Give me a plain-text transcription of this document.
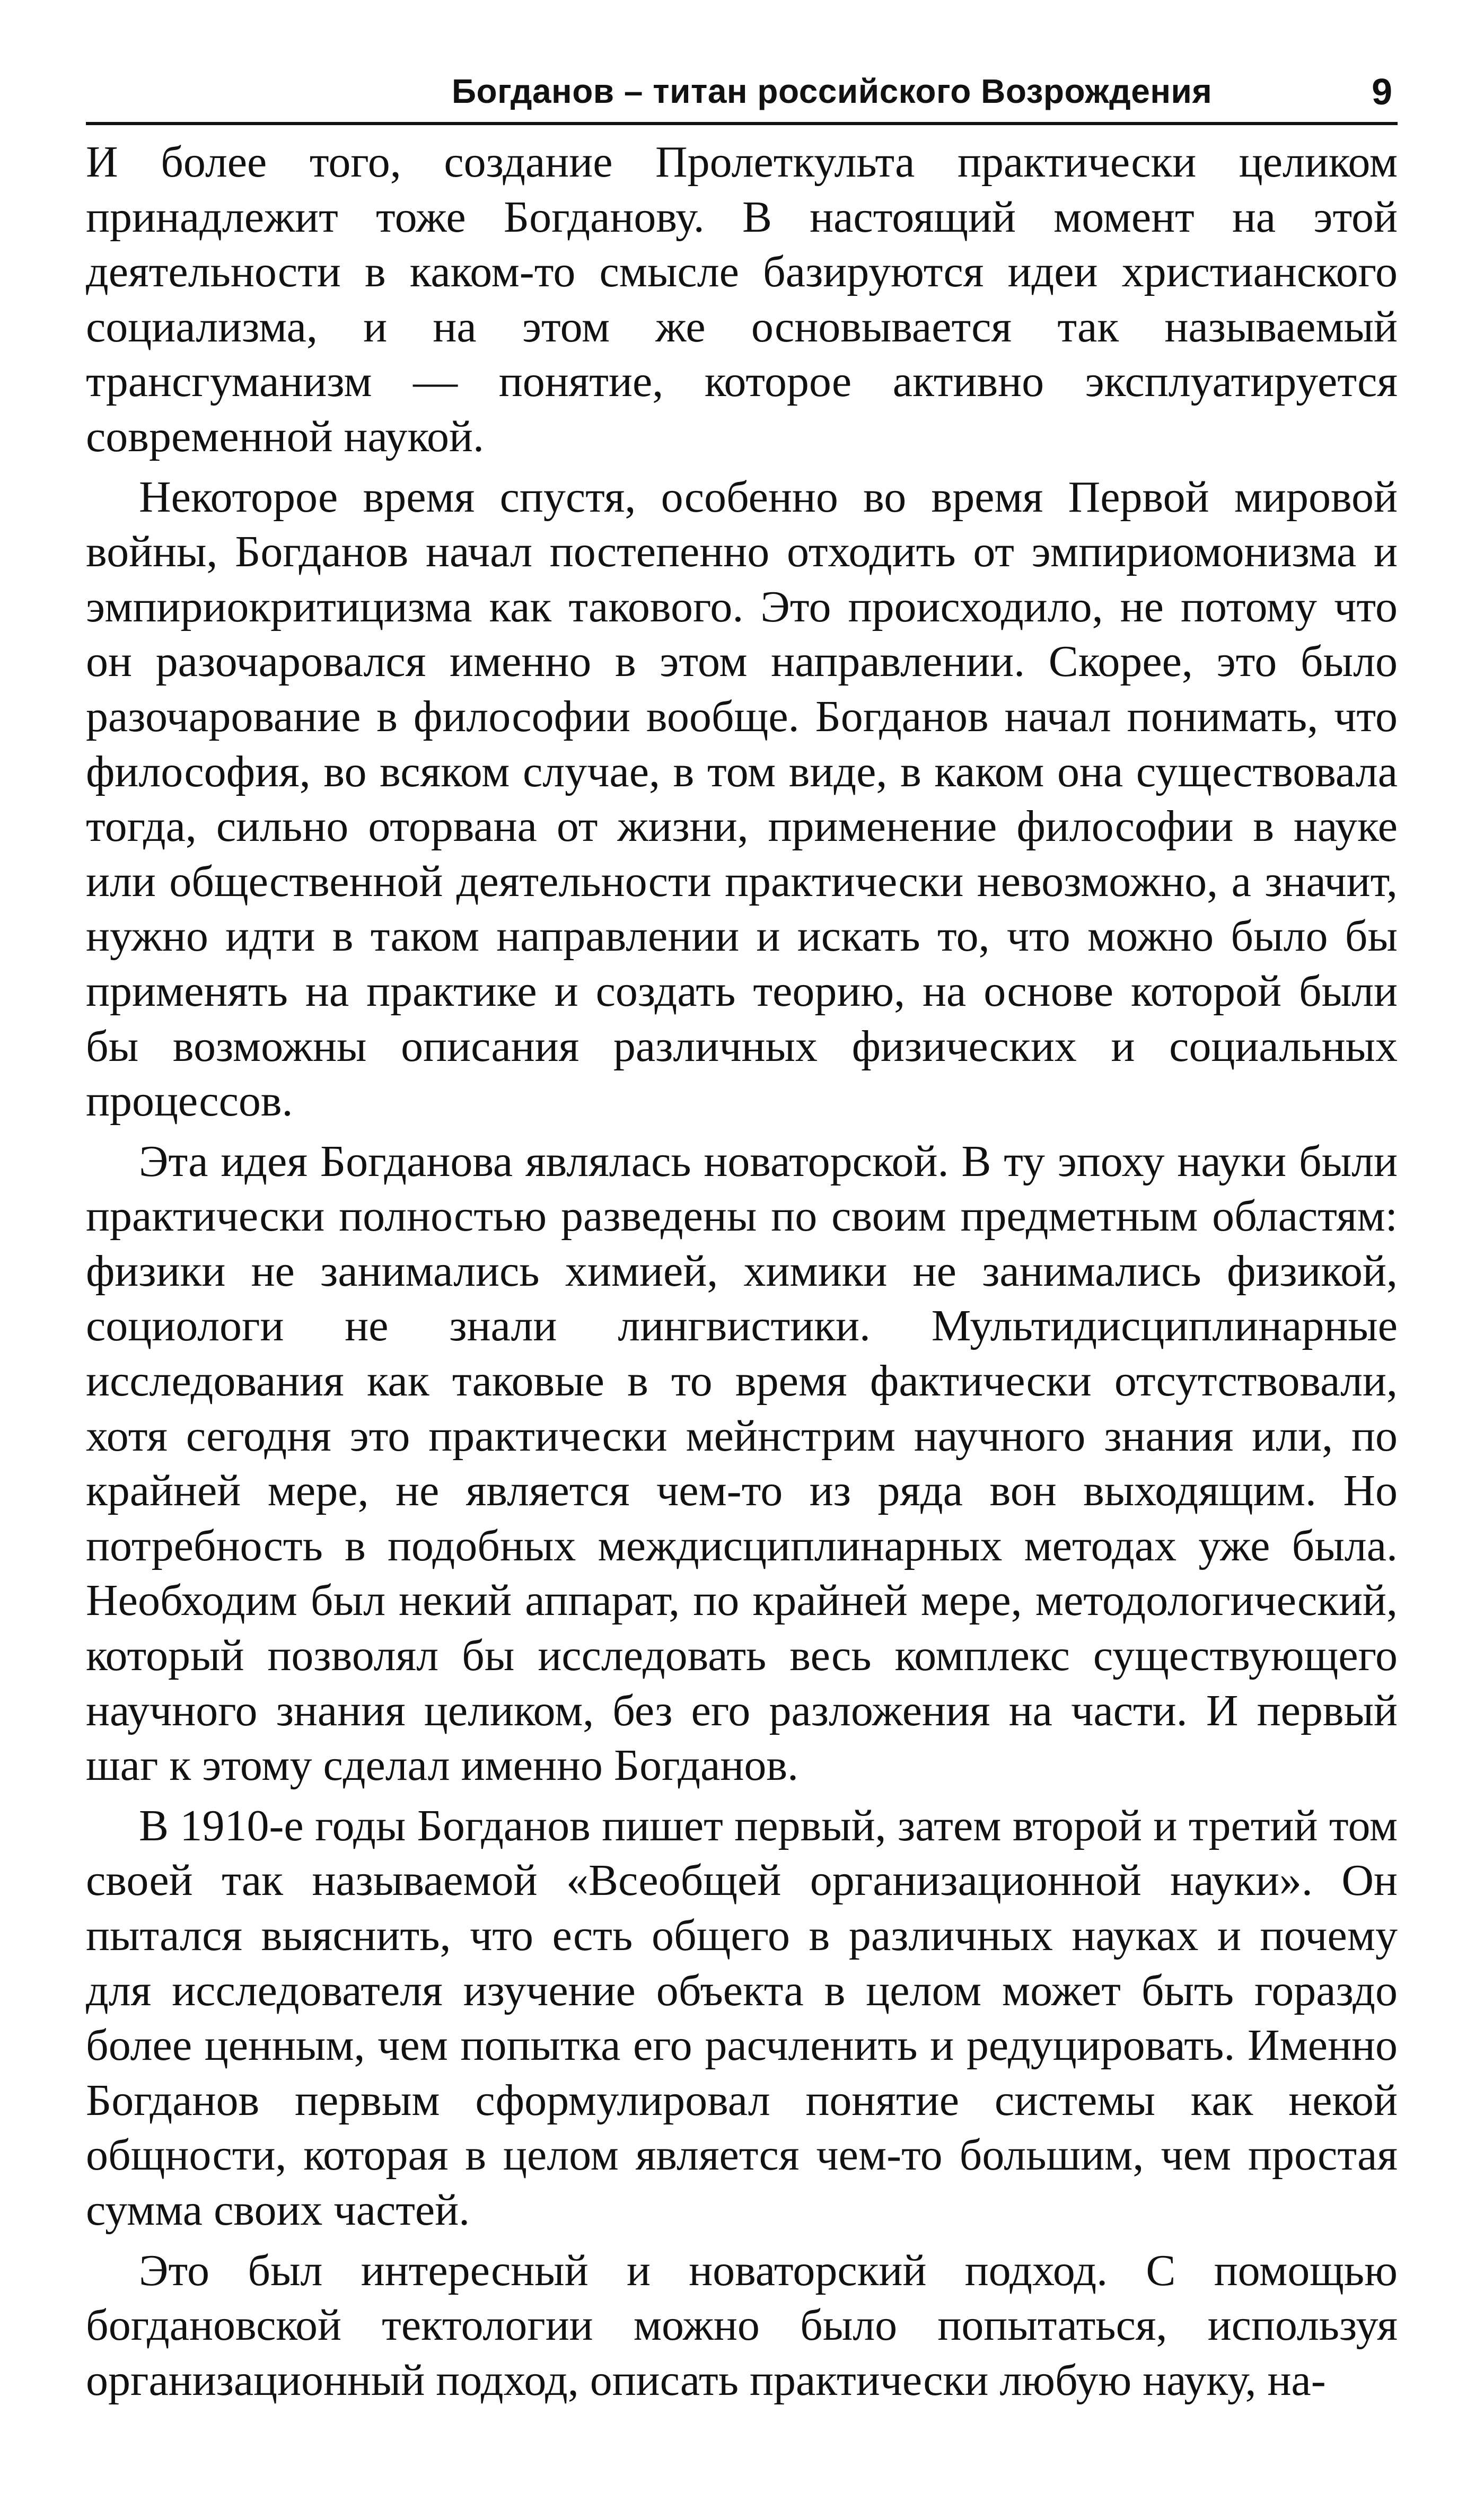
Богданов – титан российского Возрождения	9

И более того, создание Пролеткульта практически целиком принадлежит тоже Богданову. В настоящий момент на этой деятельности в каком-то смысле базируются идеи христианского социализма, и на этом же основывается так называемый трансгуманизм — понятие, которое активно эксплуатируется современной наукой.

Некоторое время спустя, особенно во время Первой мировой войны, Богданов начал постепенно отходить от эмпириомонизма и эмпириокритицизма как такового. Это происходило, не потому что он разочаровался именно в этом направлении. Скорее, это было разочарование в философии вообще. Богданов начал понимать, что философия, во всяком случае, в том виде, в каком она существовала тогда, сильно оторвана от жизни, применение философии в науке или общественной деятельности практически невозможно, а значит, нужно идти в таком направлении и искать то, что можно было бы применять на практике и создать теорию, на основе которой были бы возможны описания различных физических и социальных процессов.

Эта идея Богданова являлась новаторской. В ту эпоху науки были практически полностью разведены по своим предметным областям: физики не занимались химией, химики не занимались физикой, социологи не знали лингвистики. Мультидисциплинарные исследования как таковые в то время фактически отсутствовали, хотя сегодня это практически мейнстрим научного знания или, по крайней мере, не является чем-то из ряда вон выходящим. Но потребность в подобных междисциплинарных методах уже была. Необходим был некий аппарат, по крайней мере, методологический, который позволял бы исследовать весь комплекс существующего научного знания целиком, без его разложения на части. И первый шаг к этому сделал именно Богданов.

В 1910-е годы Богданов пишет первый, затем второй и третий том своей так называемой «Всеобщей организационной науки». Он пытался выяснить, что есть общего в различных науках и почему для исследователя изучение объекта в целом может быть гораздо более ценным, чем попытка его расчленить и редуцировать. Именно Богданов первым сформулировал понятие системы как некой общности, которая в целом является чем-то большим, чем простая сумма своих частей.

Это был интересный и новаторский подход. С помощью богдановской тектологии можно было попытаться, используя организационный подход, описать практически любую науку, на-
